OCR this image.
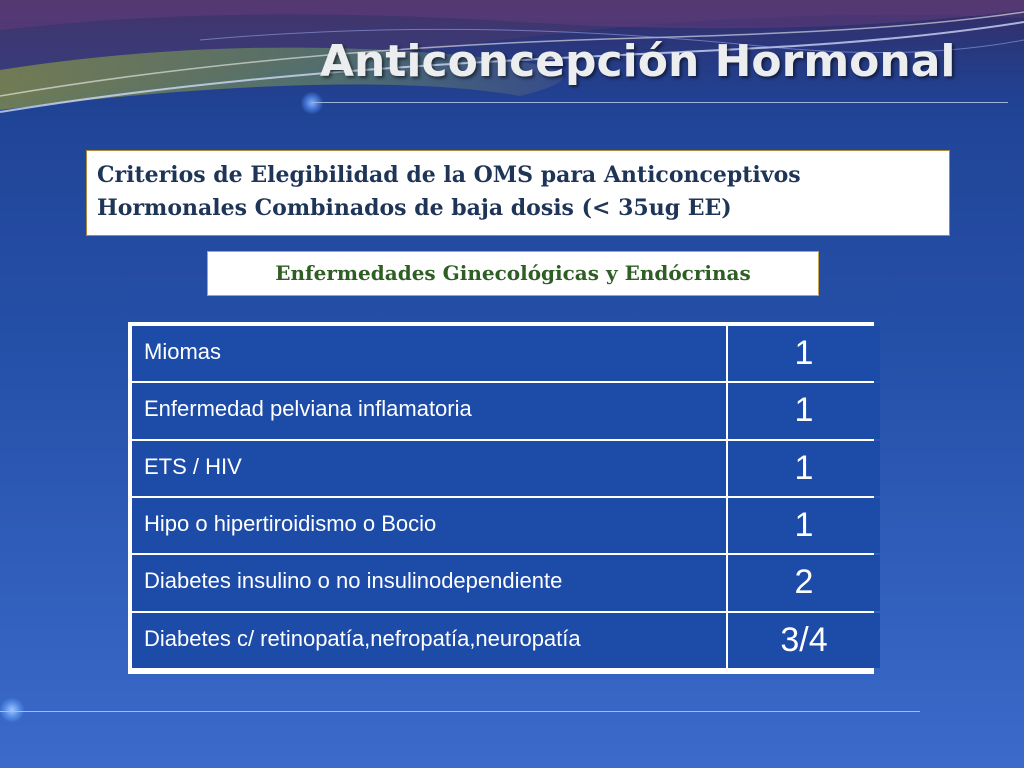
Anticoncepción Hormonal
Criterios de Elegibilidad de la OMS para Anticonceptivos
Hormonales Combinados de baja dosis (< 35ug EE)
Enfermedades Ginecológicas y Endócrinas
Miomas	1
Enfermedad pelviana inflamatoria	1
ETS / HIV	1
Hipo o hipertiroidismo o Bocio	1
Diabetes insulino o no insulinodependiente	2
Diabetes c/ retinopatía,nefropatía,neuropatía	3/4
